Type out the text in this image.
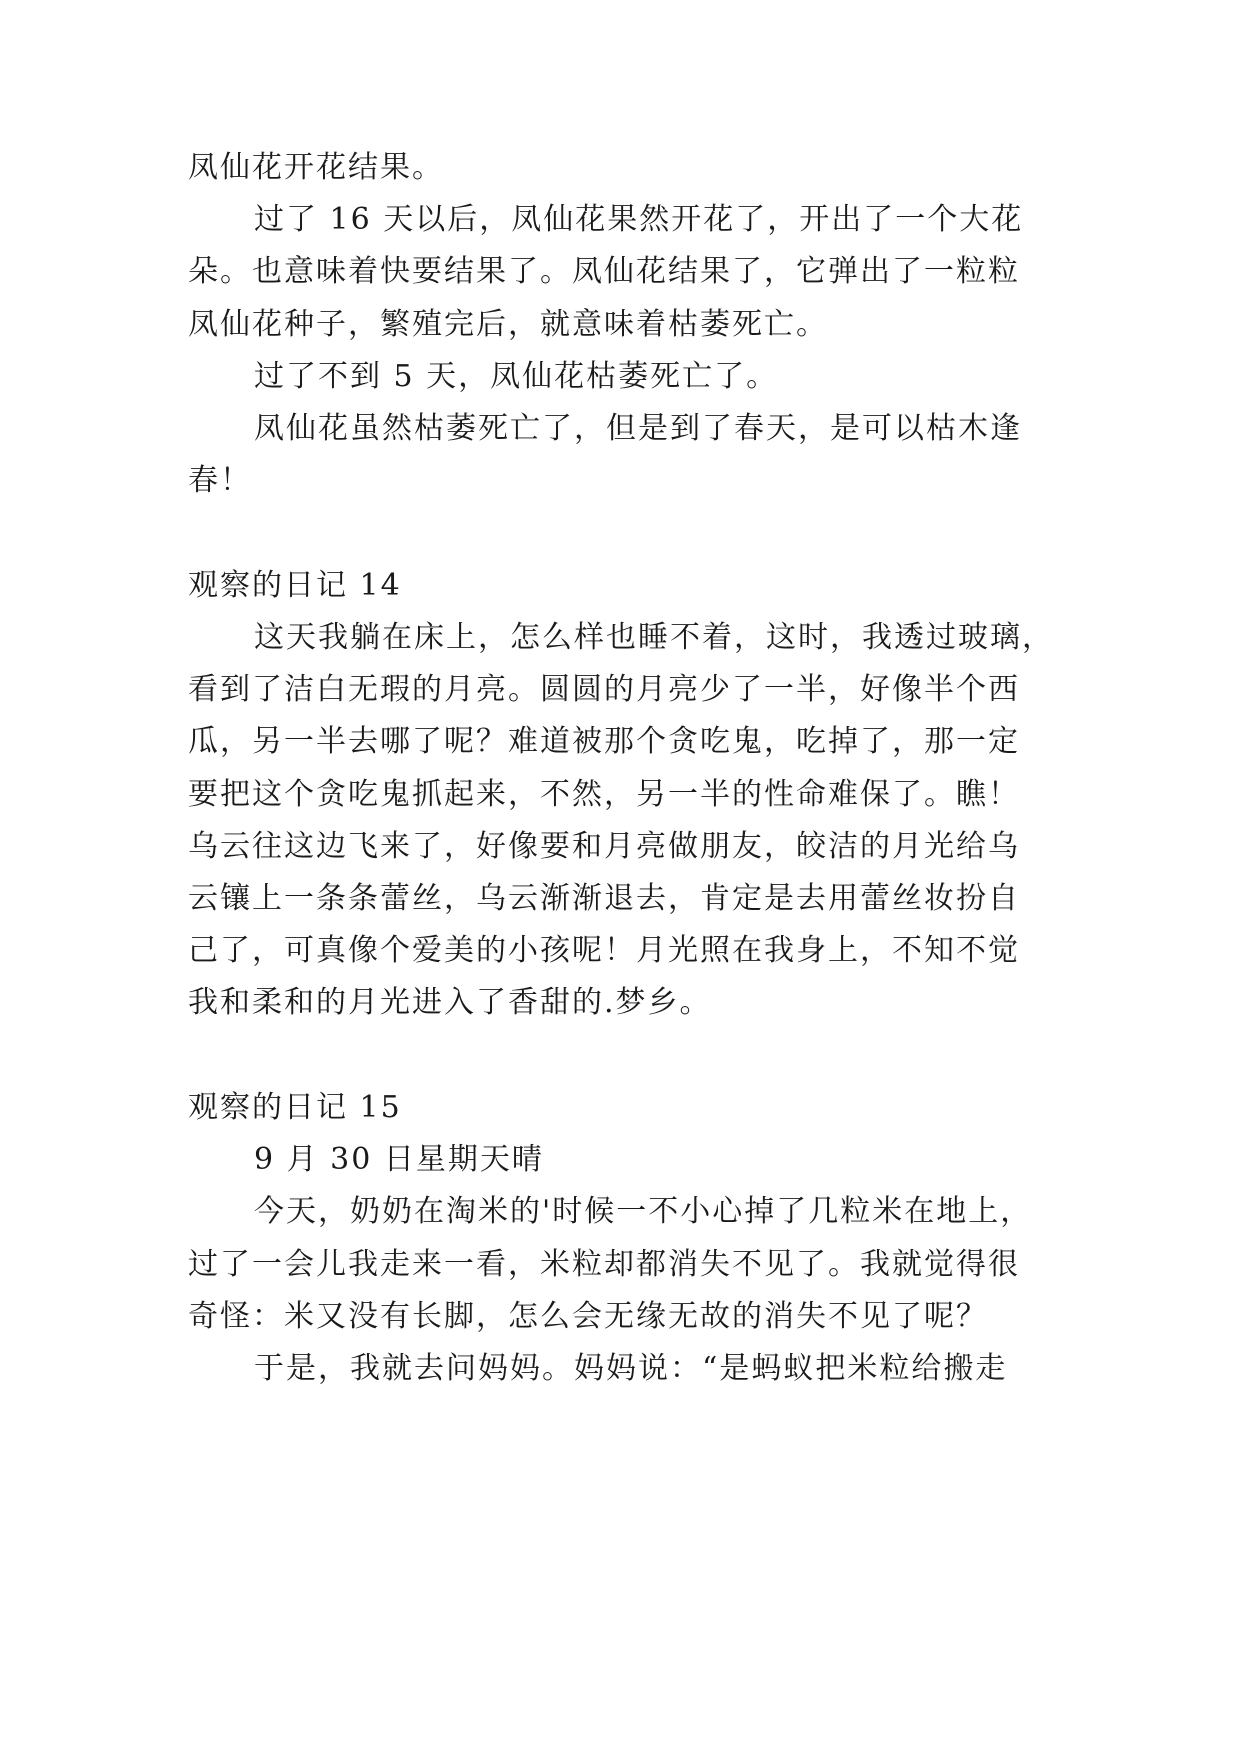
凤仙花开花结果。
过了 16 天以后，凤仙花果然开花了，开出了一个大花
朵。也意味着快要结果了。凤仙花结果了，它弹出了一粒粒
凤仙花种子，繁殖完后，就意味着枯萎死亡。
过了不到 5 天，凤仙花枯萎死亡了。
凤仙花虽然枯萎死亡了，但是到了春天，是可以枯木逢
春！
观察的日记 14
这天我躺在床上，怎么样也睡不着，这时，我透过玻璃，
看到了洁白无瑕的月亮。圆圆的月亮少了一半，好像半个西
瓜，另一半去哪了呢？难道被那个贪吃鬼，吃掉了，那一定
要把这个贪吃鬼抓起来，不然，另一半的性命难保了。瞧！
乌云往这边飞来了，好像要和月亮做朋友，皎洁的月光给乌
云镶上一条条蕾丝，乌云渐渐退去，肯定是去用蕾丝妆扮自
己了，可真像个爱美的小孩呢！月光照在我身上，不知不觉
我和柔和的月光进入了香甜的.梦乡。
观察的日记 15
9 月 30 日星期天晴
今天，奶奶在淘米的'时候一不小心掉了几粒米在地上，
过了一会儿我走来一看，米粒却都消失不见了。我就觉得很
奇怪：米又没有长脚，怎么会无缘无故的消失不见了呢？
于是，我就去问妈妈。妈妈说：“是蚂蚁把米粒给搬走
